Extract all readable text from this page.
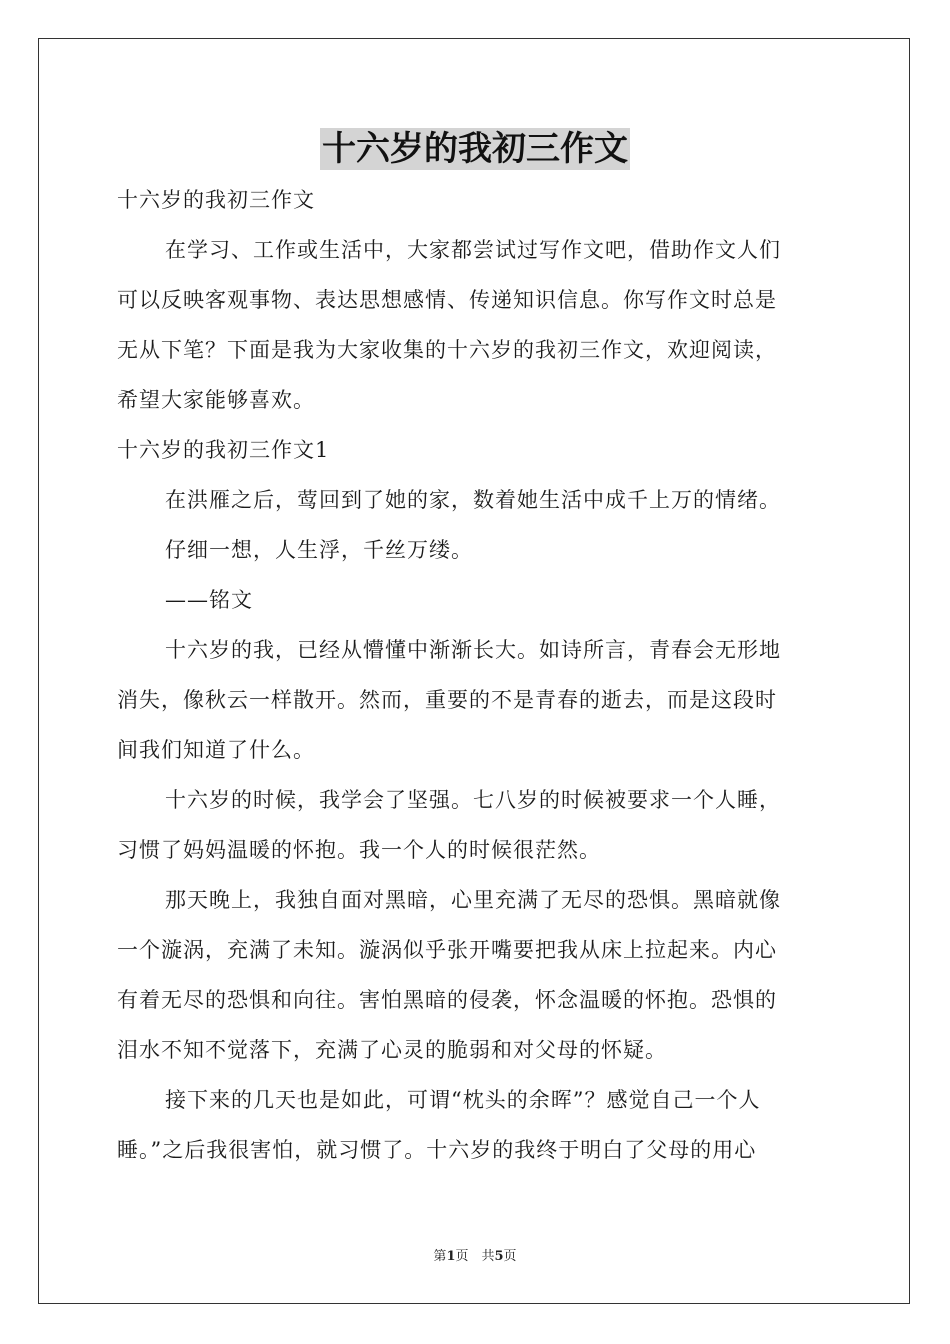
十六岁的我初三作文
十六岁的我初三作文
在学习、工作或生活中，大家都尝试过写作文吧，借助作文人们
可以反映客观事物、表达思想感情、传递知识信息。你写作文时总是
无从下笔？下面是我为大家收集的十六岁的我初三作文，欢迎阅读，
希望大家能够喜欢。
十六岁的我初三作文1
在洪雁之后，莺回到了她的家，数着她生活中成千上万的情绪。
仔细一想，人生浮，千丝万缕。
——铭文
十六岁的我，已经从懵懂中渐渐长大。如诗所言，青春会无形地
消失，像秋云一样散开。然而，重要的不是青春的逝去，而是这段时
间我们知道了什么。
十六岁的时候，我学会了坚强。七八岁的时候被要求一个人睡，
习惯了妈妈温暖的怀抱。我一个人的时候很茫然。
那天晚上，我独自面对黑暗，心里充满了无尽的恐惧。黑暗就像
一个漩涡，充满了未知。漩涡似乎张开嘴要把我从床上拉起来。内心
有着无尽的恐惧和向往。害怕黑暗的侵袭，怀念温暖的怀抱。恐惧的
泪水不知不觉落下，充满了心灵的脆弱和对父母的怀疑。
接下来的几天也是如此，可谓“枕头的余晖”？感觉自己一个人
睡。”之后我很害怕，就习惯了。十六岁的我终于明白了父母的用心
第1页　共5页
